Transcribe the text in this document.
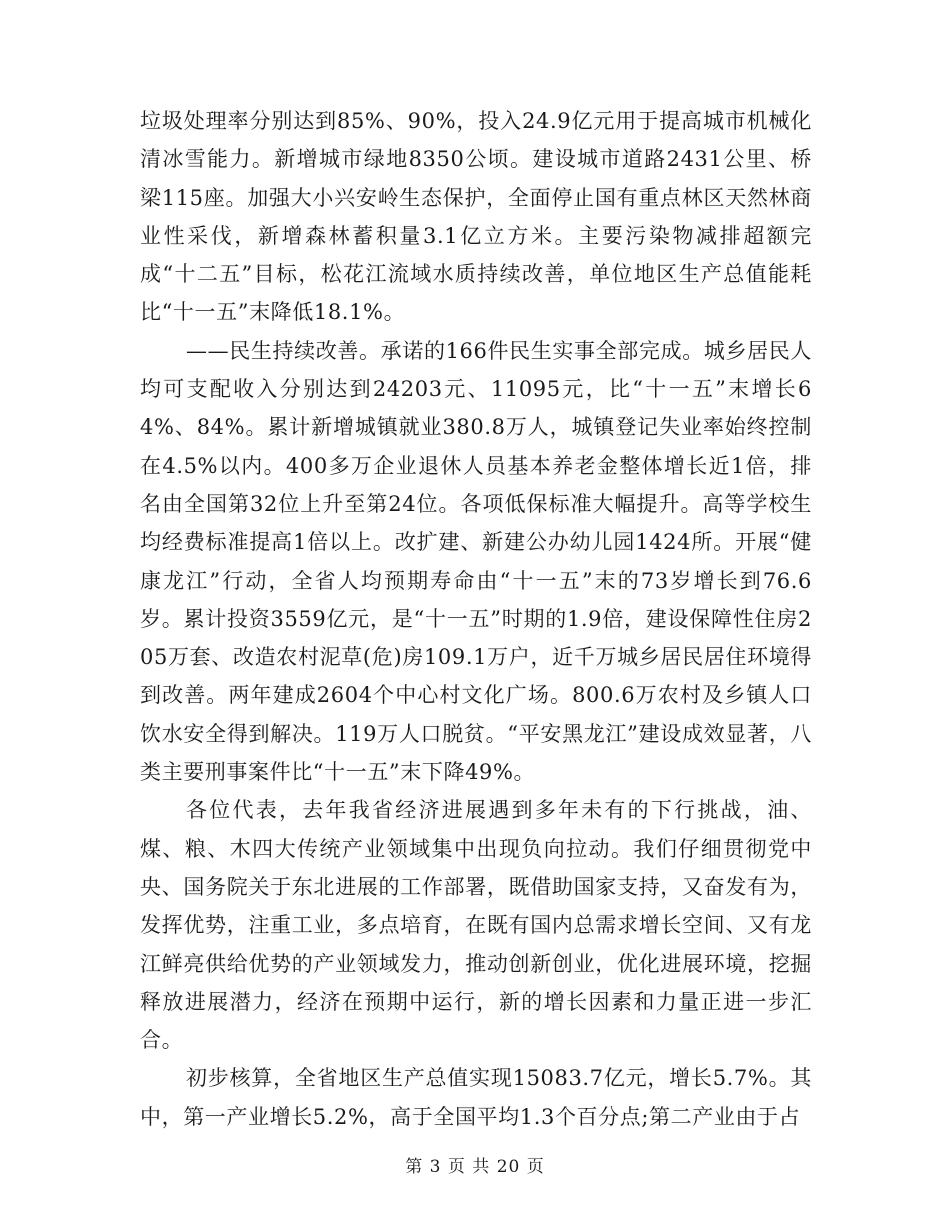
垃圾处理率分别达到85%、90%，投入24.9亿元用于提高城市机械化清冰雪能力。新增城市绿地8350公顷。建设城市道路2431公里、桥梁115座。加强大小兴安岭生态保护，全面停止国有重点林区天然林商业性采伐，新增森林蓄积量3.1亿立方米。主要污染物减排超额完成“十二五”目标，松花江流域水质持续改善，单位地区生产总值能耗比“十一五”末降低18.1%。

——民生持续改善。承诺的166件民生实事全部完成。城乡居民人均可支配收入分别达到24203元、11095元，比“十一五”末增长64%、84%。累计新增城镇就业380.8万人，城镇登记失业率始终控制在4.5%以内。400多万企业退休人员基本养老金整体增长近1倍，排名由全国第32位上升至第24位。各项低保标准大幅提升。高等学校生均经费标准提高1倍以上。改扩建、新建公办幼儿园1424所。开展“健康龙江”行动，全省人均预期寿命由“十一五”末的73岁增长到76.6岁。累计投资3559亿元，是“十一五”时期的1.9倍，建设保障性住房205万套、改造农村泥草(危)房109.1万户，近千万城乡居民居住环境得到改善。两年建成2604个中心村文化广场。800.6万农村及乡镇人口饮水安全得到解决。119万人口脱贫。“平安黑龙江”建设成效显著，八类主要刑事案件比“十一五”末下降49%。

各位代表，去年我省经济进展遇到多年未有的下行挑战，油、煤、粮、木四大传统产业领域集中出现负向拉动。我们仔细贯彻党中央、国务院关于东北进展的工作部署，既借助国家支持，又奋发有为，发挥优势，注重工业，多点培育，在既有国内总需求增长空间、又有龙江鲜亮供给优势的产业领域发力，推动创新创业，优化进展环境，挖掘释放进展潜力，经济在预期中运行，新的增长因素和力量正进一步汇合。

初步核算，全省地区生产总值实现15083.7亿元，增长5.7%。其中，第一产业增长5.2%，高于全国平均1.3个百分点;第二产业由于占

第 3 页 共 20 页
